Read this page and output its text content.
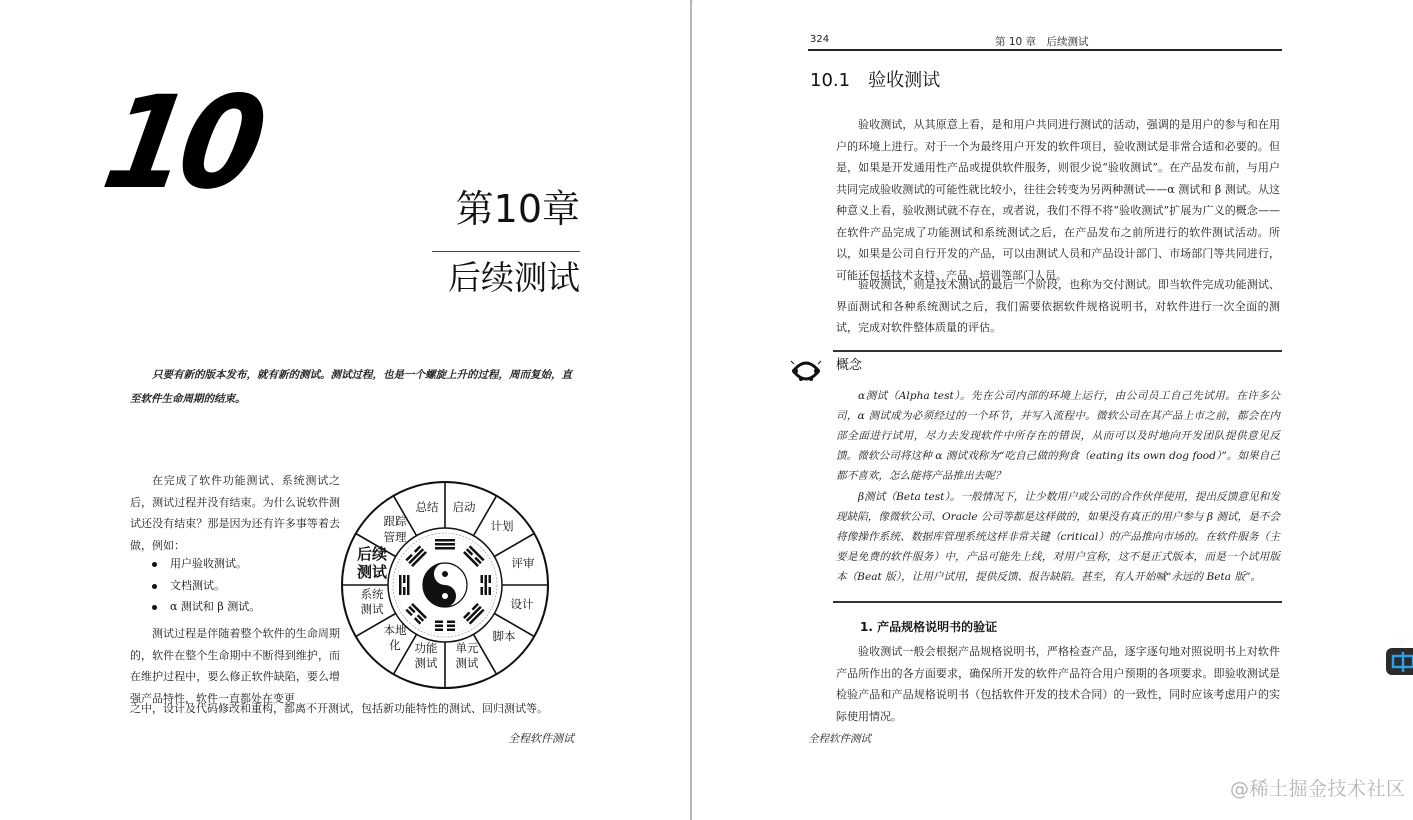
10	第10章
后续测试

只要有新的版本发布，就有新的测试。测试过程，也是一个螺旋上升的过程，周而复始，直至软件生命周期的结束。

在完成了软件功能测试、系统测试之后，测试过程并没有结束。为什么说软件测试还没有结束？那是因为还有许多事等着去做，例如：

用户验收测试。
文档测试。
α 测试和 β 测试。

测试过程是伴随着整个软件的生命周期的，软件在整个生命期中不断得到维护，而在维护过程中，要么修正软件缺陷，要么增强产品特性，软件一直都处在变更

之中，设计及代码修改和重构，都离不开测试，包括新功能特性的测试、回归测试等。

启动
计划
评审
设计
脚本
单元
测试
功能
测试
本地
化
系统
测试
后续
测试
跟踪
管理
总结
全程软件测试
324	第 10 章　后续测试
10.1　验收测试

验收测试，从其原意上看，是和用户共同进行测试的活动，强调的是用户的参与和在用户的环境上进行。对于一个为最终用户开发的软件项目，验收测试是非常合适和必要的。但是，如果是开发通用性产品或提供软件服务，则很少说“验收测试”。在产品发布前，与用户共同完成验收测试的可能性就比较小，往往会转变为另两种测试——α 测试和 β 测试。从这种意义上看，验收测试就不存在，或者说，我们不得不将“验收测试”扩展为广义的概念——在软件产品完成了功能测试和系统测试之后，在产品发布之前所进行的软件测试活动。所以，如果是公司自行开发的产品，可以由测试人员和产品设计部门、市场部门等共同进行，可能还包括技术支持、产品、培训等部门人员。

验收测试，则是技术测试的最后一个阶段，也称为交付测试。即当软件完成功能测试、界面测试和各种系统测试之后，我们需要依据软件规格说明书，对软件进行一次全面的测试，完成对软件整体质量的评估。

概念

α测试（Alpha test）。先在公司内部的环境上运行，由公司员工自己先试用。在许多公司，α 测试成为必须经过的一个环节，并写入流程中。微软公司在其产品上市之前，都会在内部全面进行试用，尽力去发现软件中所存在的错误，从而可以及时地向开发团队提供意见反馈。微软公司将这种 α 测试戏称为“吃自己做的狗食（eating its own dog food）”。如果自己都不喜欢，怎么能将产品推出去呢？

β测试（Beta test）。一般情况下，让少数用户或公司的合作伙伴使用，提出反馈意见和发现缺陷，像微软公司、Oracle 公司等都是这样做的，如果没有真正的用户参与 β 测试，是不会将像操作系统、数据库管理系统这样非常关键（critical）的产品推向市场的。在软件服务（主要是免费的软件服务）中，产品可能先上线，对用户宣称，这不是正式版本，而是一个试用版本（Beat 版），让用户试用，提供反馈、报告缺陷。甚至，有人开始喊“永远的 Beta 版”。

1. 产品规格说明书的验证

验收测试一般会根据产品规格说明书，严格检查产品，逐字逐句地对照说明书上对软件产品所作出的各方面要求，确保所开发的软件产品符合用户预期的各项要求。即验收测试是检验产品和产品规格说明书（包括软件开发的技术合同）的一致性，同时应该考虑用户的实际使用情况。

全程软件测试
@稀土掘金技术社区
